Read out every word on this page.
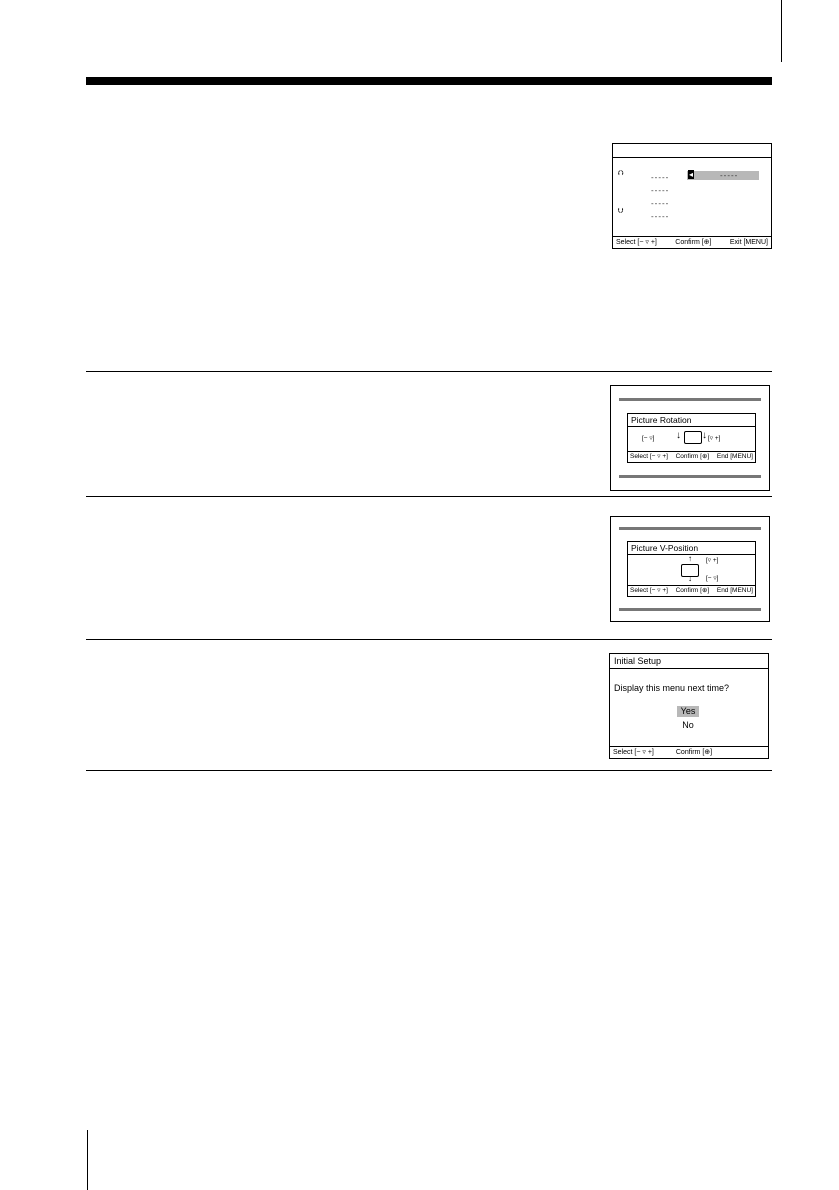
⮉
⮋
-----
-----
-----
-----
◂	-----
Select [− ▿ +]	Confirm [⊕]	Exit [MENU]
Picture Rotation
[− ▿] ↓ ↓ [▿ +]
Select [− ▿ +] Confirm [⊕] End [MENU]
Picture V-Position
↑ [▿ +]
↓ [− ▿]
Select [− ▿ +] Confirm [⊕] End [MENU]
Initial Setup
Display this menu next time?
Yes
No
Select [− ▿ +]	Confirm [⊕]
